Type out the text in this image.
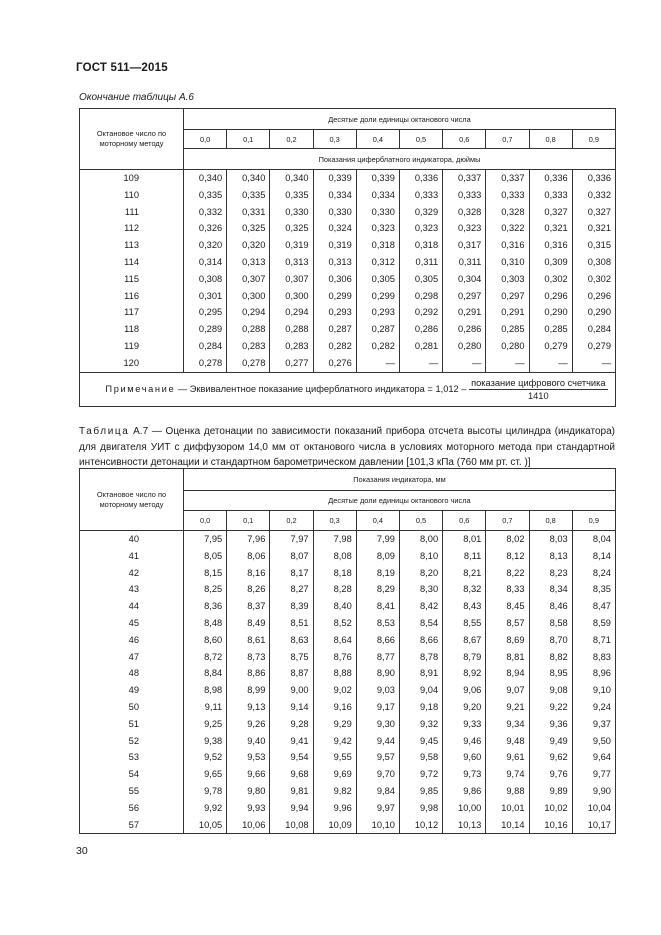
ГОСТ 511—2015
Окончание таблицы А.6
Октановое число по моторному методу	Десятые доли единицы октанового числа									
	0,0	0,1	0,2	0,3	0,4	0,5	0,6	0,7	0,8	0,9
	Показания циферблатного индикатора, дюймы									
109	0,340	0,340	0,340	0,339	0,339	0,336	0,337	0,337	0,336	0,336
110	0,335	0,335	0,335	0,334	0,334	0,333	0,333	0,333	0,333	0,332
111	0,332	0,331	0,330	0,330	0,330	0,329	0,328	0,328	0,327	0,327
112	0,326	0,325	0,325	0,324	0,323	0,323	0,323	0,322	0,321	0,321
113	0,320	0,320	0,319	0,319	0,318	0,318	0,317	0,316	0,316	0,315
114	0,314	0,313	0,313	0,313	0,312	0,311	0,311	0,310	0,309	0,308
115	0,308	0,307	0,307	0,306	0,305	0,305	0,304	0,303	0,302	0,302
116	0,301	0,300	0,300	0,299	0,299	0,298	0,297	0,297	0,296	0,296
117	0,295	0,294	0,294	0,293	0,293	0,292	0,291	0,291	0,290	0,290
118	0,289	0,288	0,288	0,287	0,287	0,286	0,286	0,285	0,285	0,284
119	0,284	0,283	0,283	0,282	0,282	0,281	0,280	0,280	0,279	0,279
120	0,278	0,278	0,277	0,276	—	—	—	—	—	—
Примечание — Эквивалентное показание циферблатного индикатора = $1,012 - \frac{\text{показание цифрового счетчика}}{1410}$
Таблица А.7 — Оценка детонации по зависимости показаний прибора отсчета высоты цилиндра (индикатора) для двигателя УИТ с диффузором 14,0 мм от октанового числа в условиях моторного метода при стандартной интенсивности детонации и стандартном барометрическом давлении [101,3 кПа (760 мм рт. ст. )]
Октановое число по моторному методу	Показания индикатора, мм									
	Десятые доли единицы октанового числа									
	0,0	0,1	0,2	0,3	0,4	0,5	0,6	0,7	0,8	0,9
40	7,95	7,96	7,97	7,98	7,99	8,00	8,01	8,02	8,03	8,04
41	8,05	8,06	8,07	8,08	8,09	8,10	8,11	8,12	8,13	8,14
42	8,15	8,16	8,17	8,18	8,19	8,20	8,21	8,22	8,23	8,24
43	8,25	8,26	8,27	8,28	8,29	8,30	8,32	8,33	8,34	8,35
44	8,36	8,37	8,39	8,40	8,41	8,42	8,43	8,45	8,46	8,47
45	8,48	8,49	8,51	8,52	8,53	8,54	8,55	8,57	8,58	8,59
46	8,60	8,61	8,63	8,64	8,66	8,66	8,67	8,69	8,70	8,71
47	8,72	8,73	8,75	8,76	8,77	8,78	8,79	8,81	8,82	8,83
48	8,84	8,86	8,87	8,88	8,90	8,91	8,92	8,94	8,95	8,96
49	8,98	8,99	9,00	9,02	9,03	9,04	9,06	9,07	9,08	9,10
50	9,11	9,13	9,14	9,16	9,17	9,18	9,20	9,21	9,22	9,24
51	9,25	9,26	9,28	9,29	9,30	9,32	9,33	9,34	9,36	9,37
52	9,38	9,40	9,41	9,42	9,44	9,45	9,46	9,48	9,49	9,50
53	9,52	9,53	9,54	9,55	9,57	9,58	9,60	9,61	9,62	9,64
54	9,65	9,66	9,68	9,69	9,70	9,72	9,73	9,74	9,76	9,77
55	9,78	9,80	9,81	9,82	9,84	9,85	9,86	9,88	9,89	9,90
56	9,92	9,93	9,94	9,96	9,97	9,98	10,00	10,01	10,02	10,04
57	10,05	10,06	10,08	10,09	10,10	10,12	10,13	10,14	10,16	10,17
30
